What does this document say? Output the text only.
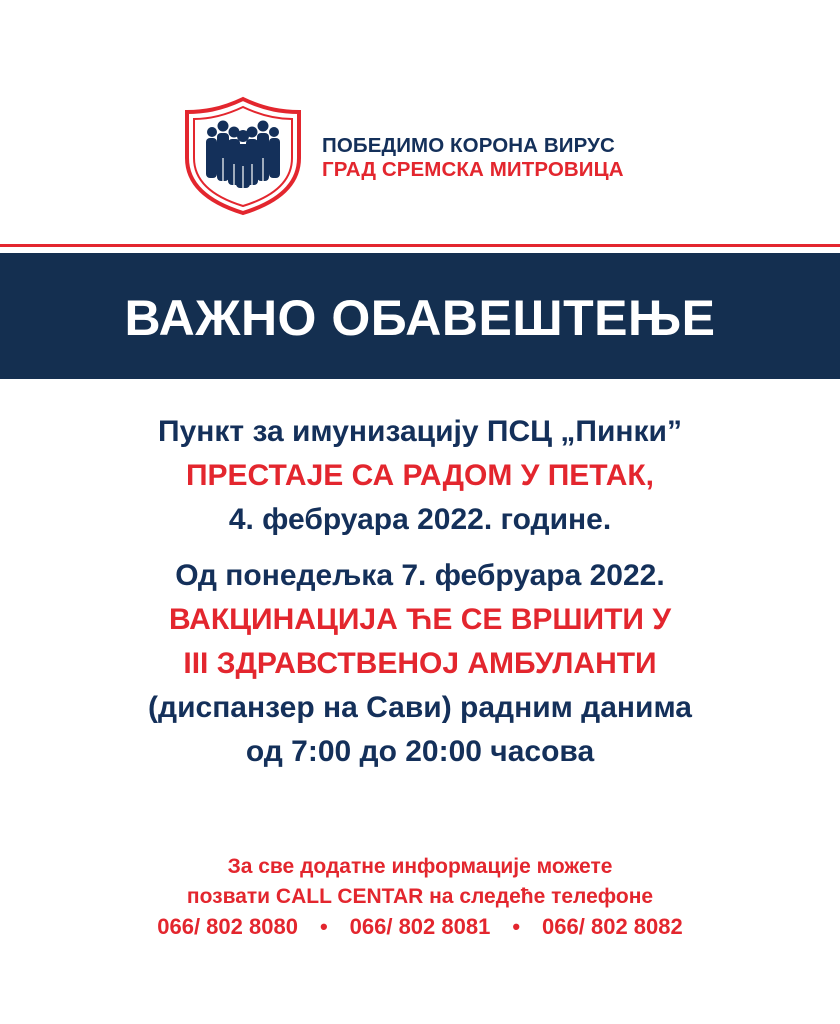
ПОБЕДИМО КОРОНА ВИРУС
ГРАД СРЕМСКА МИТРОВИЦА
ВАЖНО ОБАВЕШТЕЊЕ
Пункт за имунизацију ПСЦ „Пинки”
ПРЕСТАЈЕ СА РАДОМ У ПЕТАК,
4. фебруара 2022. године.
Од понедељка 7. фебруара 2022.
ВАКЦИНАЦИЈА ЋЕ СЕ ВРШИТИ У
III ЗДРАВСТВЕНОЈ АМБУЛАНТИ
(диспанзер на Сави) радним данима
од 7:00 до 20:00 часова
За све додатне информације можете
позвати CALL CENTAR на следеће телефоне
066/ 802 8080 • 066/ 802 8081 • 066/ 802 8082
